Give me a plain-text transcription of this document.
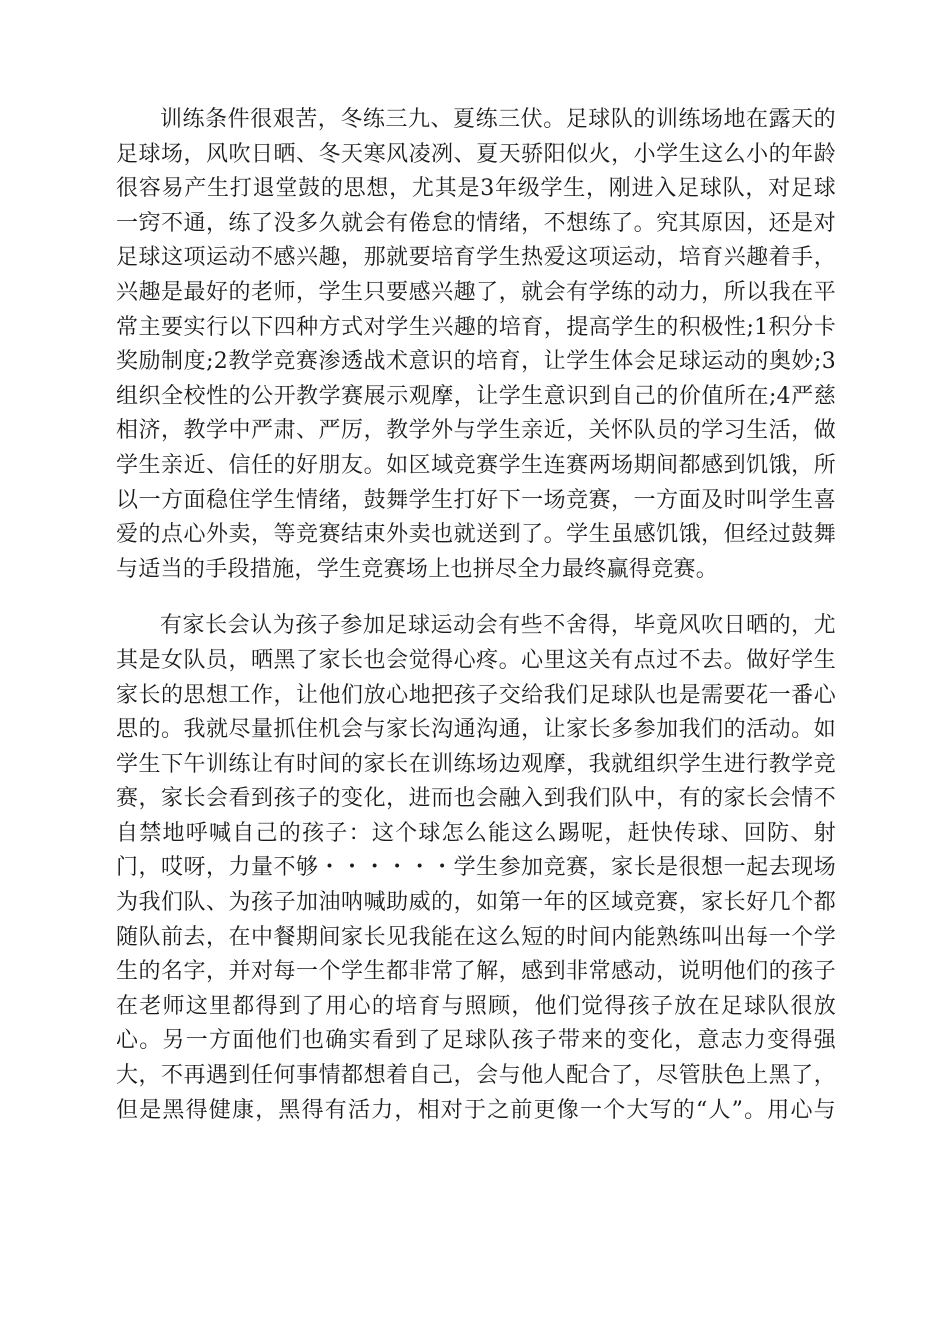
训练条件很艰苦，冬练三九、夏练三伏。足球队的训练场地在露天的
足球场，风吹日晒、冬天寒风凌冽、夏天骄阳似火，小学生这么小的年龄
很容易产生打退堂鼓的思想，尤其是3年级学生，刚进入足球队，对足球
一窍不通，练了没多久就会有倦怠的情绪，不想练了。究其原因，还是对
足球这项运动不感兴趣，那就要培育学生热爱这项运动，培育兴趣着手，
兴趣是最好的老师，学生只要感兴趣了，就会有学练的动力，所以我在平
常主要实行以下四种方式对学生兴趣的培育，提高学生的积极性;1积分卡
奖励制度;2教学竞赛渗透战术意识的培育，让学生体会足球运动的奥妙;3
组织全校性的公开教学赛展示观摩，让学生意识到自己的价值所在;4严慈
相济，教学中严肃、严厉，教学外与学生亲近，关怀队员的学习生活，做
学生亲近、信任的好朋友。如区域竞赛学生连赛两场期间都感到饥饿，所
以一方面稳住学生情绪，鼓舞学生打好下一场竞赛，一方面及时叫学生喜
爱的点心外卖，等竞赛结束外卖也就送到了。学生虽感饥饿，但经过鼓舞
与适当的手段措施，学生竞赛场上也拼尽全力最终赢得竞赛。
有家长会认为孩子参加足球运动会有些不舍得，毕竟风吹日晒的，尤
其是女队员，晒黑了家长也会觉得心疼。心里这关有点过不去。做好学生
家长的思想工作，让他们放心地把孩子交给我们足球队也是需要花一番心
思的。我就尽量抓住机会与家长沟通沟通，让家长多参加我们的活动。如
学生下午训练让有时间的家长在训练场边观摩，我就组织学生进行教学竞
赛，家长会看到孩子的变化，进而也会融入到我们队中，有的家长会情不
自禁地呼喊自己的孩子：这个球怎么能这么踢呢，赶快传球、回防、射
门，哎呀，力量不够・・・・・・学生参加竞赛，家长是很想一起去现场
为我们队、为孩子加油呐喊助威的，如第一年的区域竞赛，家长好几个都
随队前去，在中餐期间家长见我能在这么短的时间内能熟练叫出每一个学
生的名字，并对每一个学生都非常了解，感到非常感动，说明他们的孩子
在老师这里都得到了用心的培育与照顾，他们觉得孩子放在足球队很放
心。另一方面他们也确实看到了足球队孩子带来的变化，意志力变得强
大，不再遇到任何事情都想着自己，会与他人配合了，尽管肤色上黑了，
但是黑得健康，黑得有活力，相对于之前更像一个大写的“人”。用心与
